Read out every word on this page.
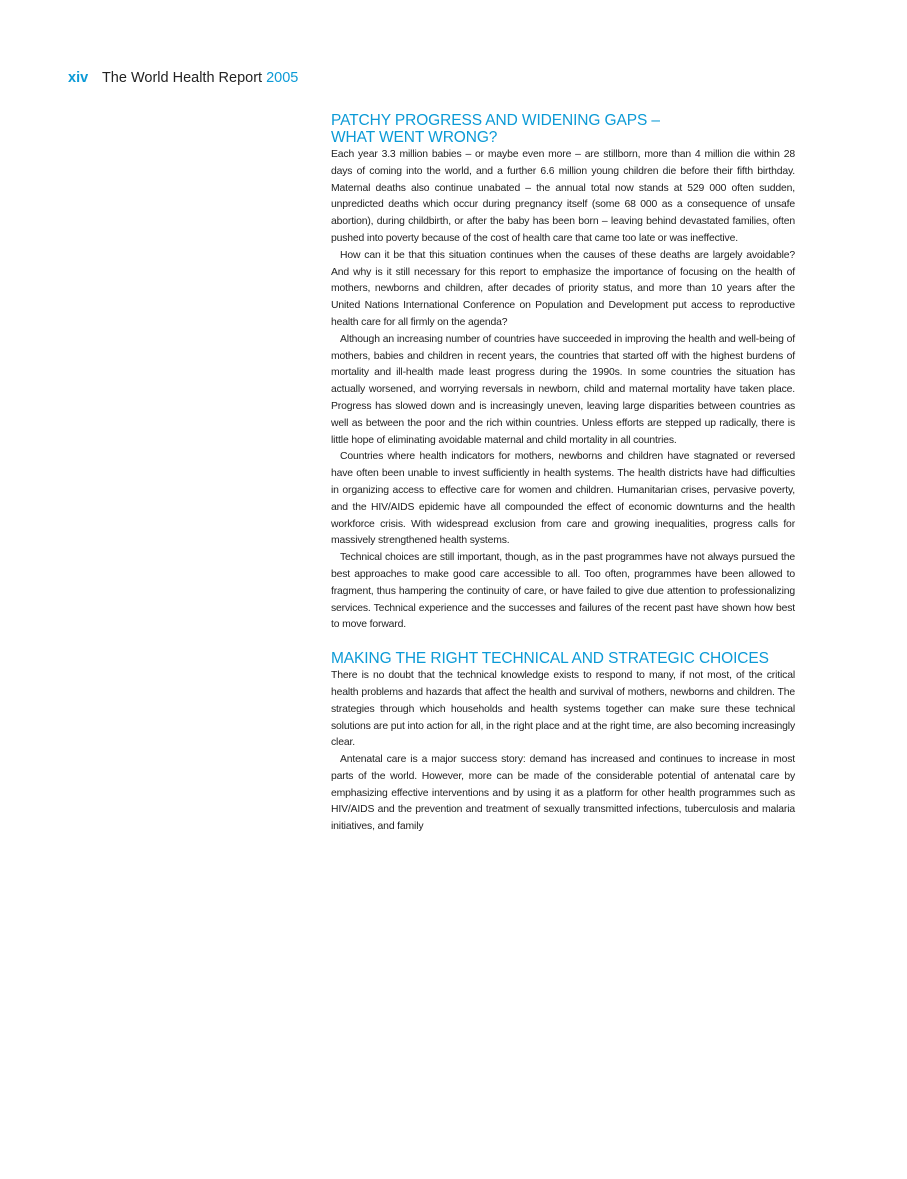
xiv The World Health Report 2005
PATCHY PROGRESS AND WIDENING GAPS –
WHAT WENT WRONG?

Each year 3.3 million babies – or maybe even more – are stillborn, more than 4 million die within 28 days of coming into the world, and a further 6.6 million young children die before their fifth birthday. Maternal deaths also continue unabated – the annual total now stands at 529 000 often sudden, unpredicted deaths which occur during pregnancy itself (some 68 000 as a consequence of unsafe abortion), during childbirth, or after the baby has been born – leaving behind devastated families, often pushed into poverty because of the cost of health care that came too late or was ineffective.

How can it be that this situation continues when the causes of these deaths are largely avoidable? And why is it still necessary for this report to emphasize the importance of focusing on the health of mothers, newborns and children, after decades of priority status, and more than 10 years after the United Nations International Conference on Population and Development put access to reproductive health care for all firmly on the agenda?

Although an increasing number of countries have succeeded in improving the health and well-being of mothers, babies and children in recent years, the countries that started off with the highest burdens of mortality and ill-health made least progress during the 1990s. In some countries the situation has actually worsened, and worrying reversals in newborn, child and maternal mortality have taken place. Progress has slowed down and is increasingly uneven, leaving large disparities between countries as well as between the poor and the rich within countries. Unless efforts are stepped up radically, there is little hope of eliminating avoidable maternal and child mortality in all countries.

Countries where health indicators for mothers, newborns and children have stagnated or reversed have often been unable to invest sufficiently in health systems. The health districts have had difficulties in organizing access to effective care for women and children. Humanitarian crises, pervasive poverty, and the HIV/AIDS epidemic have all compounded the effect of economic downturns and the health workforce crisis. With widespread exclusion from care and growing inequalities, progress calls for massively strengthened health systems.

Technical choices are still important, though, as in the past programmes have not always pursued the best approaches to make good care accessible to all. Too often, programmes have been allowed to fragment, thus hampering the continuity of care, or have failed to give due attention to professionalizing services. Technical experience and the successes and failures of the recent past have shown how best to move forward.

MAKING THE RIGHT TECHNICAL AND STRATEGIC CHOICES

There is no doubt that the technical knowledge exists to respond to many, if not most, of the critical health problems and hazards that affect the health and survival of mothers, newborns and children. The strategies through which households and health systems together can make sure these technical solutions are put into action for all, in the right place and at the right time, are also becoming increasingly clear.

Antenatal care is a major success story: demand has increased and continues to increase in most parts of the world. However, more can be made of the considerable potential of antenatal care by emphasizing effective interventions and by using it as a platform for other health programmes such as HIV/AIDS and the prevention and treatment of sexually transmitted infections, tuberculosis and malaria initiatives, and family
